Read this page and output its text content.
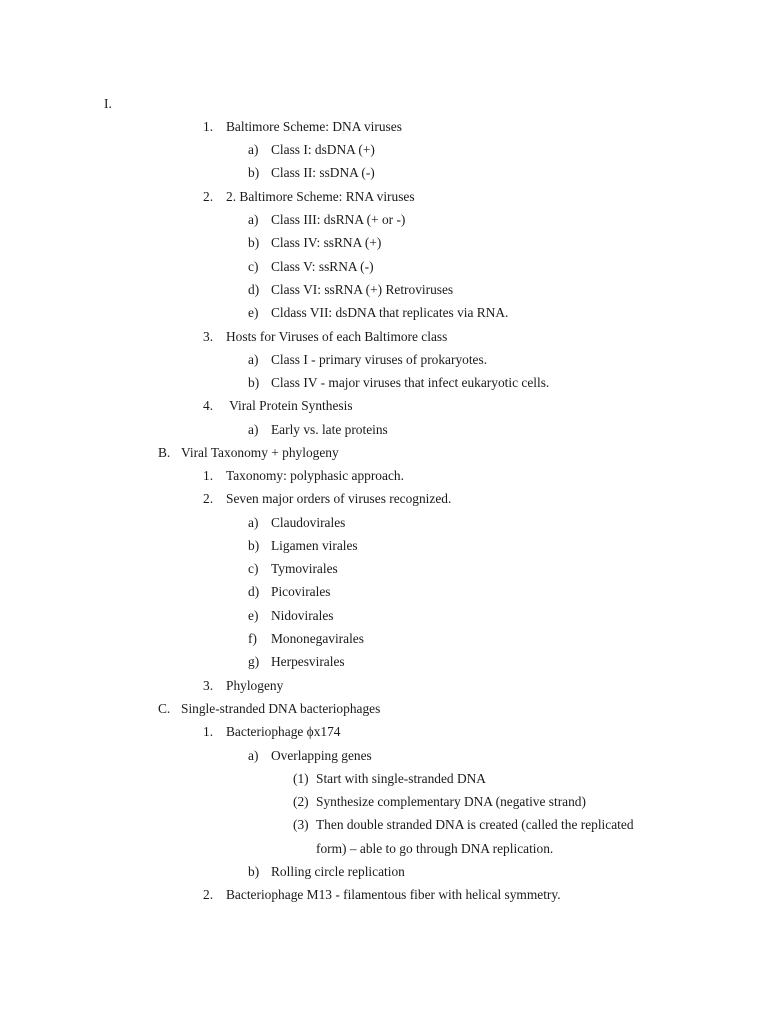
I.
1. Baltimore Scheme: DNA viruses
a) Class I: dsDNA (+)
b) Class II: ssDNA (-)
2. 2. Baltimore Scheme: RNA viruses
a) Class III: dsRNA (+ or -)
b) Class IV: ssRNA (+)
c) Class V: ssRNA (-)
d) Class VI: ssRNA (+) Retroviruses
e) Cldass VII: dsDNA that replicates via RNA.
3. Hosts for Viruses of each Baltimore class
a) Class I - primary viruses of prokaryotes.
b) Class IV - major viruses that infect eukaryotic cells.
4. Viral Protein Synthesis
a) Early vs. late proteins
B. Viral Taxonomy + phylogeny
1. Taxonomy: polyphasic approach.
2. Seven major orders of viruses recognized.
a) Claudovirales
b) Ligamen virales
c) Tymovirales
d) Picovirales
e) Nidovirales
f) Mononegavirales
g) Herpesvirales
3. Phylogeny
C. Single-stranded DNA bacteriophages
1. Bacteriophage ϕx174
a) Overlapping genes
(1) Start with single-stranded DNA
(2) Synthesize complementary DNA (negative strand)
(3) Then double stranded DNA is created (called the replicated
form) – able to go through DNA replication.
b) Rolling circle replication
2. Bacteriophage M13 - filamentous fiber with helical symmetry.
